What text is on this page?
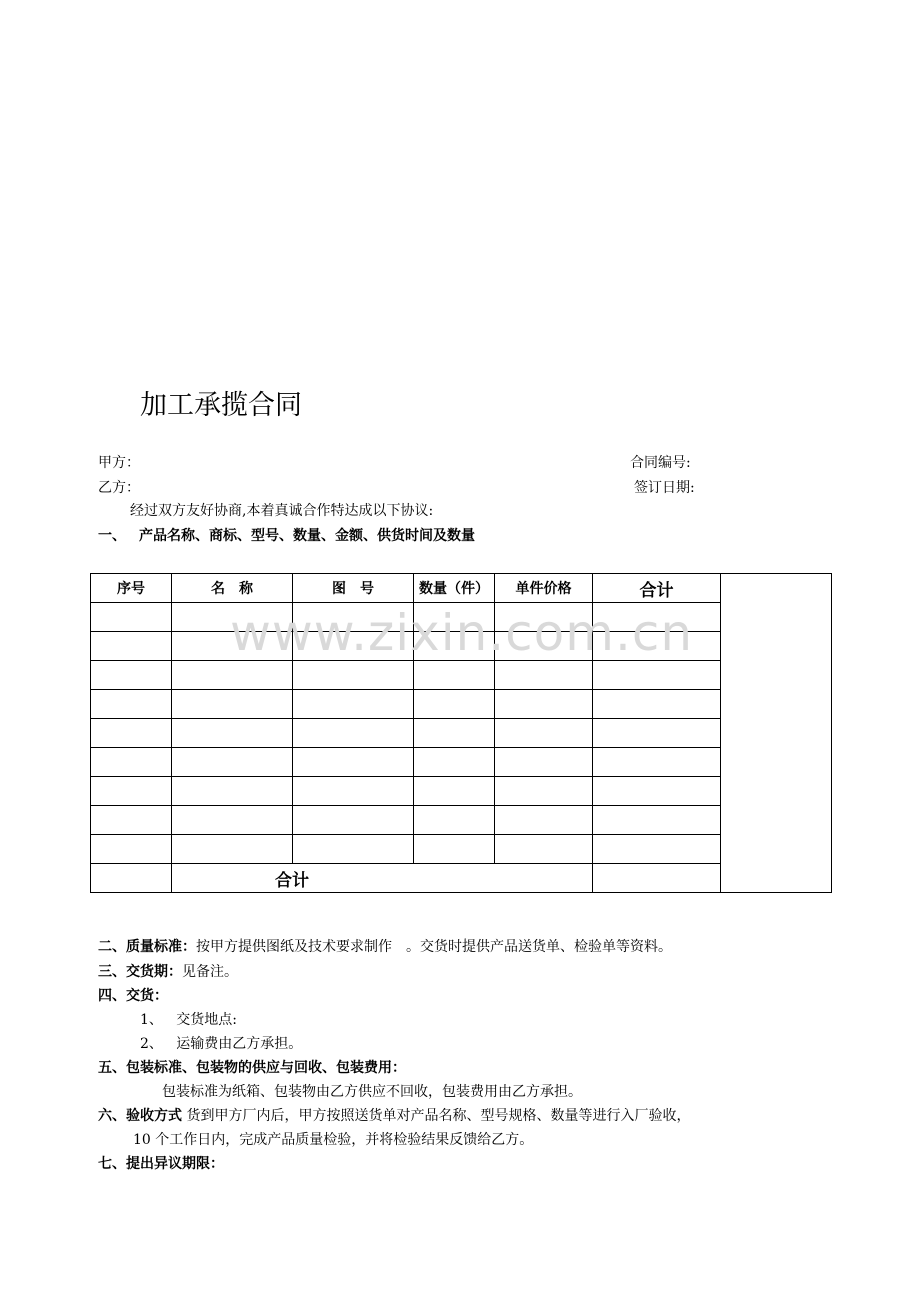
加工承揽合同
甲方：	合同编号:
乙方：	签订日期:
经过双方友好协商,本着真诚合作特达成以下协议:
一、 产品名称、商标、型号、数量、金额、供货时间及数量
序号	名　称	图　号	数量（件）	单件价格	合计	

	合计					
www.zixin.com.cn
二、质量标准：按甲方提供图纸及技术要求制作　。交货时提供产品送货单、检验单等资料。
三、交货期：见备注。
四、交货：
1、 交货地点:
2、 运输费由乙方承担。
五、包装标准、包装物的供应与回收、包装费用：
包装标准为纸箱、包装物由乙方供应不回收，包装费用由乙方承担。
六、验收方式 货到甲方厂内后，甲方按照送货单对产品名称、型号规格、数量等进行入厂验收，
10 个工作日内，完成产品质量检验，并将检验结果反馈给乙方。
七、提出异议期限：
